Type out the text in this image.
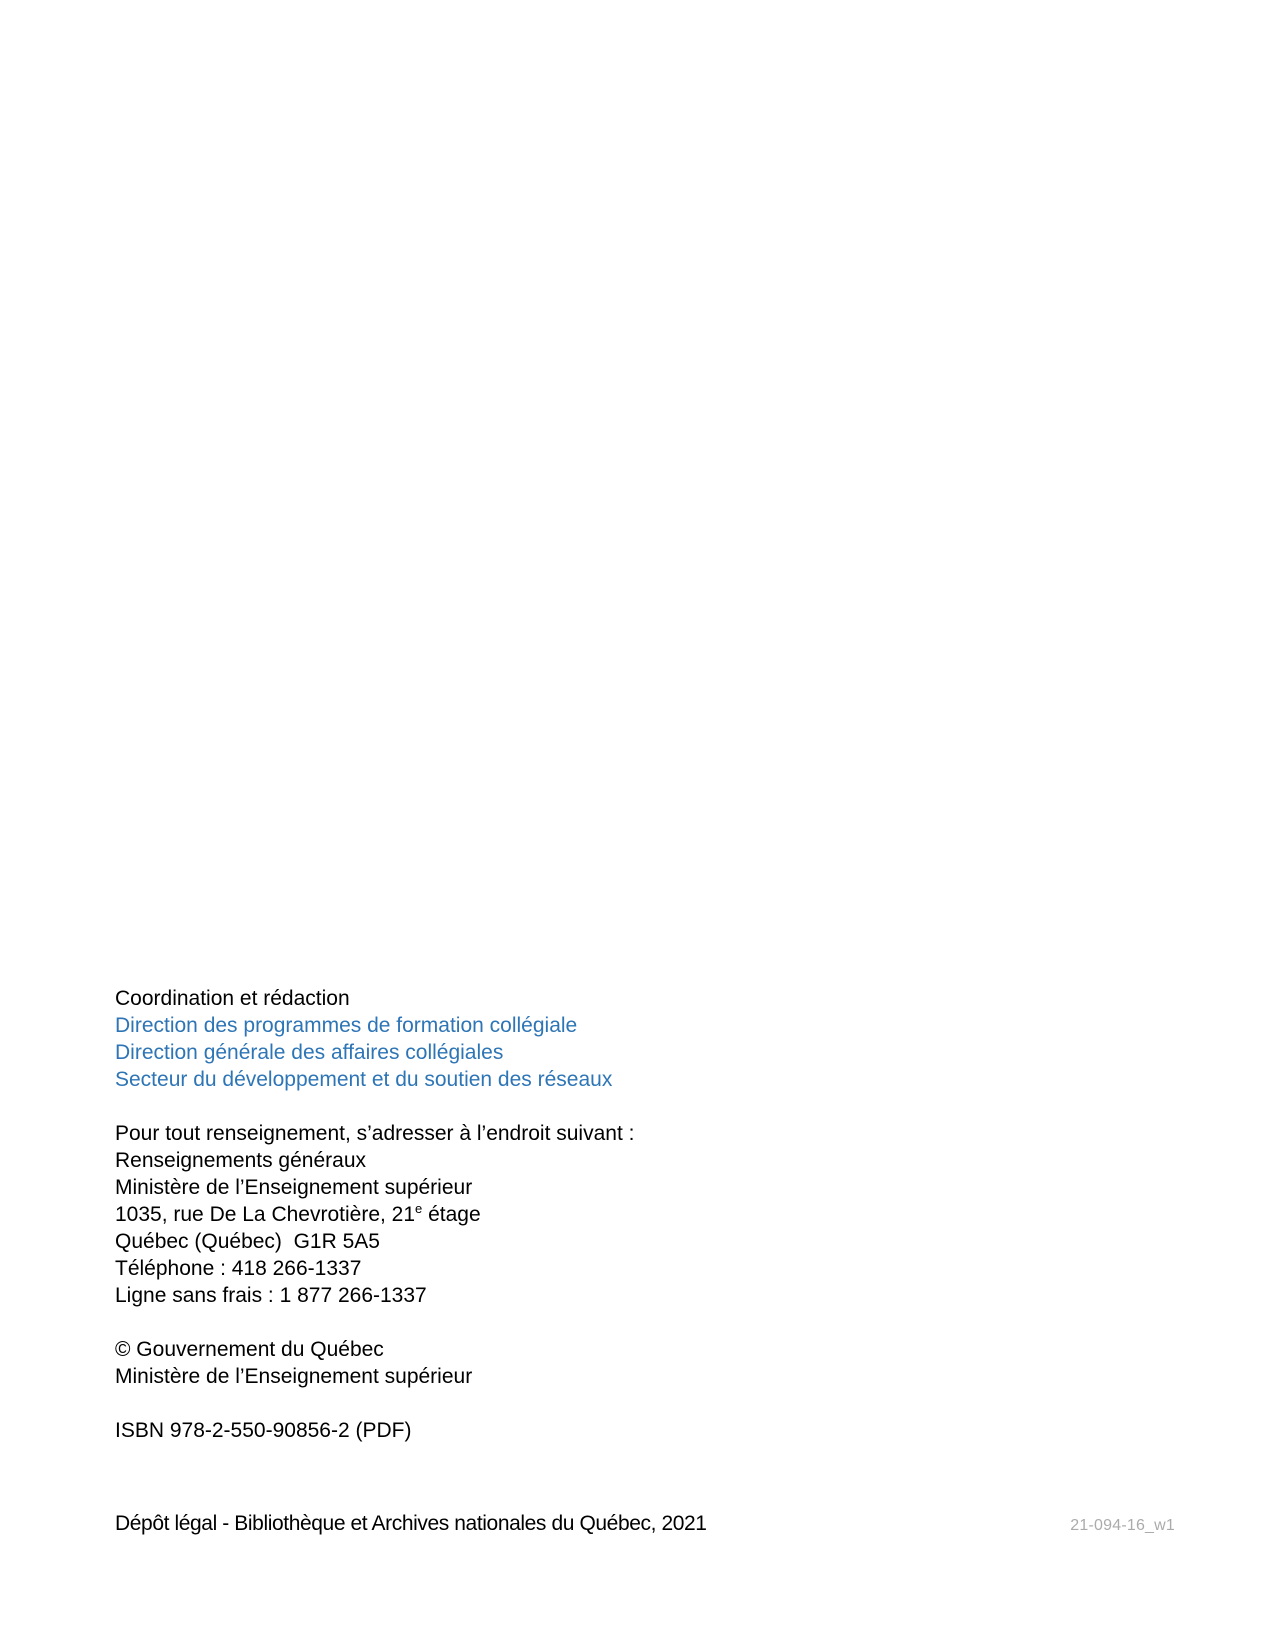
Coordination et rédaction

Direction des programmes de formation collégiale

Direction générale des affaires collégiales

Secteur du développement et du soutien des réseaux

Pour tout renseignement, s’adresser à l’endroit suivant :

Renseignements généraux

Ministère de l’Enseignement supérieur

1035, rue De La Chevrotière, 21e étage

Québec (Québec)  G1R 5A5

Téléphone : 418 266-1337

Ligne sans frais : 1 877 266-1337

© Gouvernement du Québec

Ministère de l’Enseignement supérieur

ISBN 978-2-550-90856-2 (PDF)

Dépôt légal - Bibliothèque et Archives nationales du Québec, 2021	21-094-16_w1
